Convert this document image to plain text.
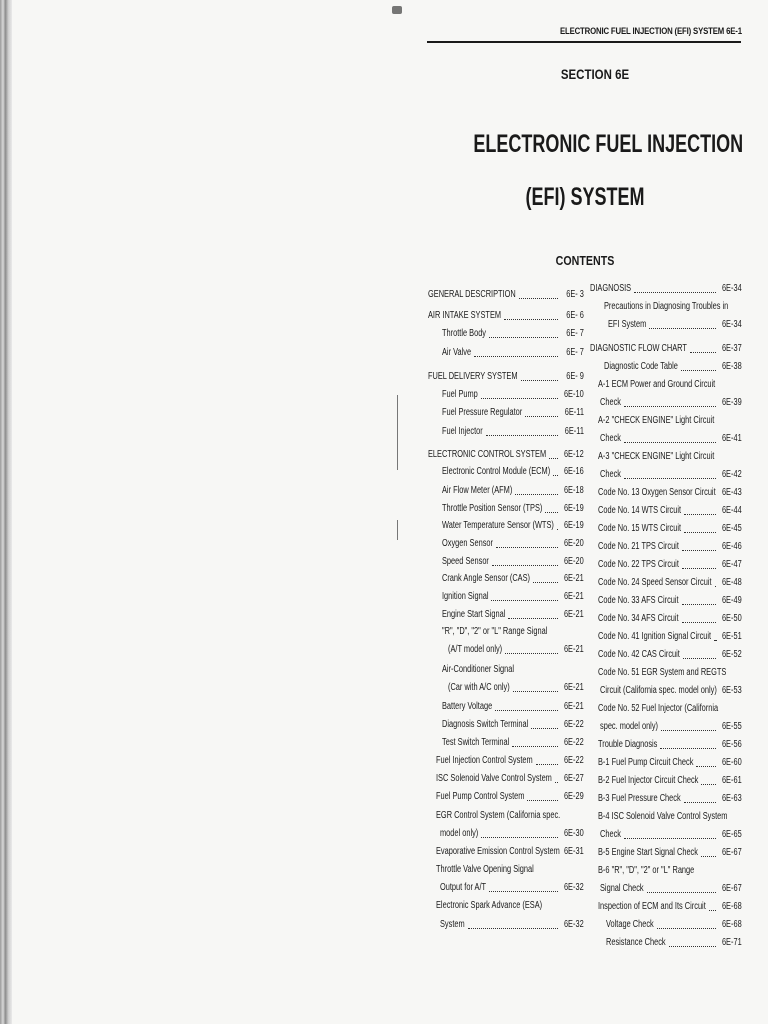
ELECTRONIC FUEL INJECTION (EFI) SYSTEM 6E-1
SECTION 6E
ELECTRONIC FUEL INJECTION
(EFI) SYSTEM
CONTENTS
GENERAL DESCRIPTION	6E- 3
AIR INTAKE SYSTEM	6E- 6
Throttle Body	6E- 7
Air Valve	6E- 7
FUEL DELIVERY SYSTEM	6E- 9
Fuel Pump	6E-10
Fuel Pressure Regulator	6E-11
Fuel Injector	6E-11
ELECTRONIC CONTROL SYSTEM 6E-12
Electronic Control Module (ECM) 6E-16
Air Flow Meter (AFM)	6E-18
Throttle Position Sensor (TPS) 6E-19
Water Temperature Sensor (WTS) 6E-19
Oxygen Sensor	6E-20
Speed Sensor	6E-20
Crank Angle Sensor (CAS)	6E-21
Ignition Signal	6E-21
Engine Start Signal	6E-21
"R", "D", "2" or "L" Range Signal
(A/T model only)	6E-21
Air-Conditioner Signal
(Car with A/C only)	6E-21
Battery Voltage	6E-21
Diagnosis Switch Terminal	6E-22
Test Switch Terminal	6E-22
Fuel Injection Control System	6E-22
ISC Solenoid Valve Control System 6E-27
Fuel Pump Control System	6E-29
EGR Control System (California spec.
model only)	6E-30
Evaporative Emission Control System 6E-31
Throttle Valve Opening Signal
Output for A/T	6E-32
Electronic Spark Advance (ESA)
System	6E-32
DIAGNOSIS	6E-34
Precautions in Diagnosing Troubles in
EFI System	6E-34
DIAGNOSTIC FLOW CHART	6E-37
Diagnostic Code Table	6E-38
A-1 ECM Power and Ground Circuit
Check	6E-39
A-2 "CHECK ENGINE" Light Circuit
Check	6E-41
A-3 "CHECK ENGINE" Light Circuit
Check	6E-42
Code No. 13 Oxygen Sensor Circuit 6E-43
Code No. 14 WTS Circuit	6E-44
Code No. 15 WTS Circuit	6E-45
Code No. 21 TPS Circuit	6E-46
Code No. 22 TPS Circuit	6E-47
Code No. 24 Speed Sensor Circuit 6E-48
Code No. 33 AFS Circuit	6E-49
Code No. 34 AFS Circuit	6E-50
Code No. 41 Ignition Signal Circuit 6E-51
Code No. 42 CAS Circuit	6E-52
Code No. 51 EGR System and REGTS
Circuit (California spec. model only) 6E-53
Code No. 52 Fuel Injector (California
spec. model only)	6E-55
Trouble Diagnosis	6E-56
B-1 Fuel Pump Circuit Check	6E-60
B-2 Fuel Injector Circuit Check 6E-61
B-3 Fuel Pressure Check	6E-63
B-4 ISC Solenoid Valve Control System
Check	6E-65
B-5 Engine Start Signal Check 6E-67
B-6 "R", "D", "2" or "L" Range
Signal Check	6E-67
Inspection of ECM and Its Circuit 6E-68
Voltage Check	6E-68
Resistance Check	6E-71
